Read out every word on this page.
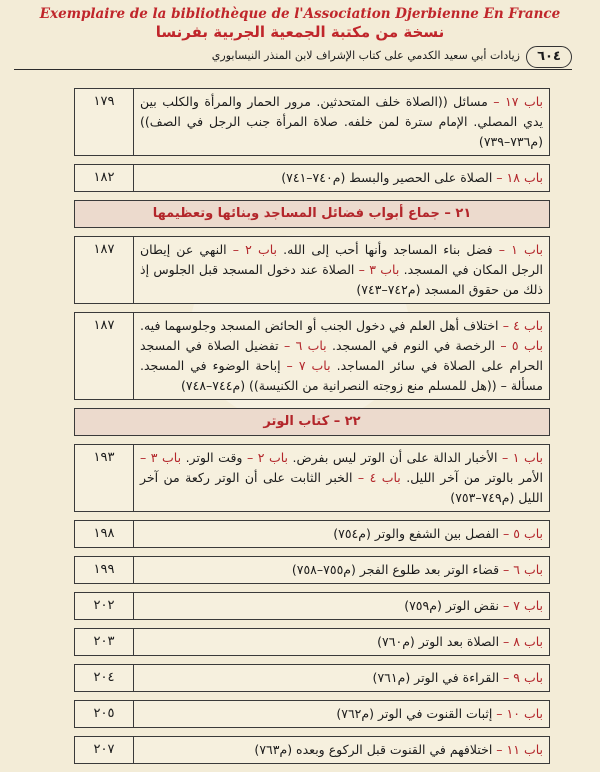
Exemplaire de la bibliothèque de l'Association Djerbienne En France
نسخة من مكتبة الجمعية الجربية بفرنسا
٦٠٤
زيادات أبي سعيد الكدمي على كتاب الإشراف لابن المنذر النيسابوري
باب ١٧ – مسائل ((الصلاة خلف المتحدثين. مرور الحمار والمرأة والكلب بين يدي المصلي. الإمام سترة لمن خلفه. صلاة المرأة جنب الرجل في الصف)) (م٧٣٦–٧٣٩)
١٧٩
باب ١٨ – الصلاة على الحصير والبسط (م٧٤٠–٧٤١)
١٨٢
٢١ – جماع أبواب فضائل المساجد وبنائها وتعظيمها
باب ١ – فضل بناء المساجد وأنها أحب إلى الله. باب ٢ – النهي عن إيطان الرجل المكان في المسجد. باب ٣ – الصلاة عند دخول المسجد قبل الجلوس إذ ذلك من حقوق المسجد (م٧٤٢–٧٤٣)
١٨٧
باب ٤ – اختلاف أهل العلم في دخول الجنب أو الحائض المسجد وجلوسهما فيه. باب ٥ – الرخصة في النوم في المسجد. باب ٦ – تفضيل الصلاة في المسجد الحرام على الصلاة في سائر المساجد. باب ٧ – إباحة الوضوء في المسجد. مسألة – ((هل للمسلم منع زوجته النصرانية من الكنيسة)) (م٧٤٤–٧٤٨)
١٨٧
٢٢ – كتاب الوتر
باب ١ – الأخبار الدالة على أن الوتر ليس بفرض. باب ٢ – وقت الوتر. باب ٣ – الأمر بالوتر من آخر الليل. باب ٤ – الخبر الثابت على أن الوتر ركعة من آخر الليل (م٧٤٩–٧٥٣)
١٩٣
باب ٥ – الفصل بين الشفع والوتر (م٧٥٤)
١٩٨
باب ٦ – قضاء الوتر بعد طلوع الفجر (م٧٥٥–٧٥٨)
١٩٩
باب ٧ – نقض الوتر (م٧٥٩)
٢٠٢
باب ٨ – الصلاة بعد الوتر (م٧٦٠)
٢٠٣
باب ٩ – القراءة في الوتر (م٧٦١)
٢٠٤
باب ١٠ – إثبات القنوت في الوتر (م٧٦٢)
٢٠٥
باب ١١ – اختلافهم في القنوت قبل الركوع وبعده (م٧٦٣)
٢٠٧
